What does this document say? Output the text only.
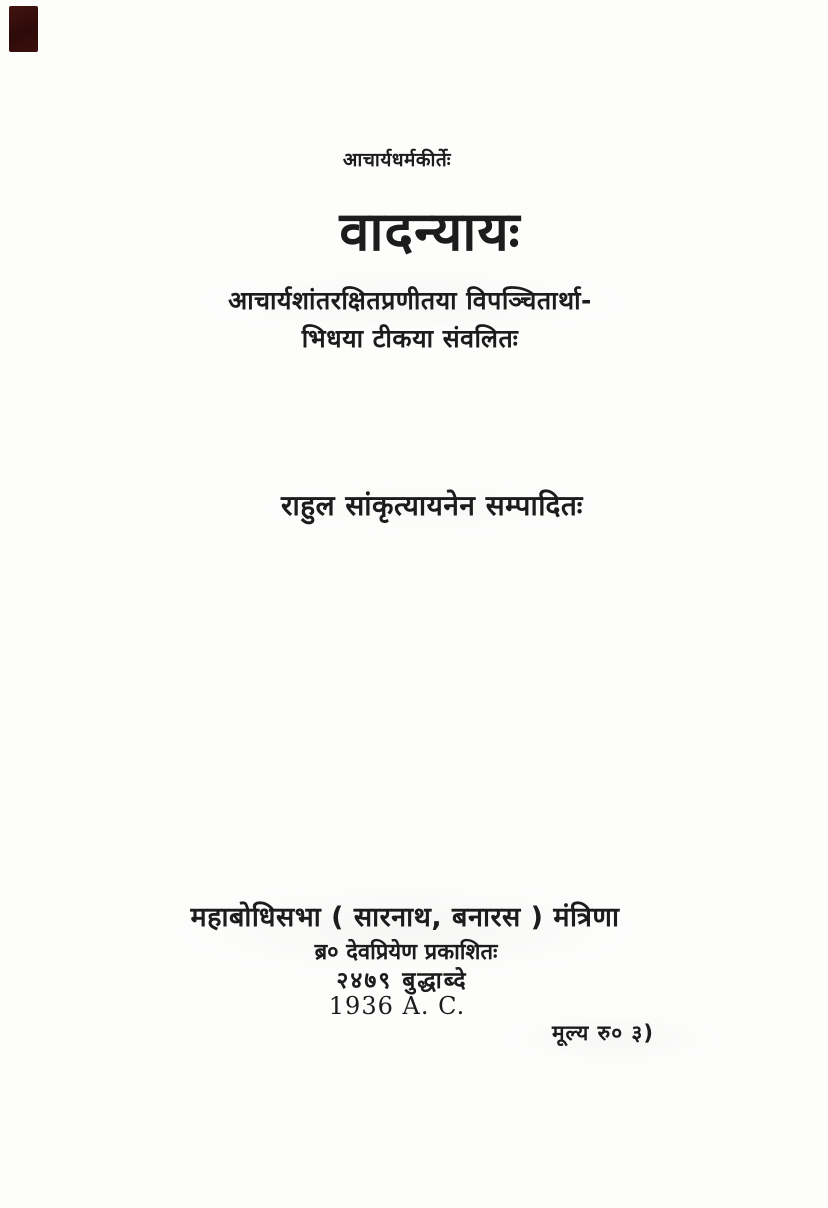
आचार्यधर्मकीर्तेः
वादन्यायः
आचार्यशांतरक्षितप्रणीतया विपञ्चितार्था-
भिधया टीकया संवलितः
राहुल सांकृत्यायनेन सम्पादितः
महाबोधिसभा ( सारनाथ, बनारस ) मंत्रिणा
ब्र० देवप्रियेण प्रकाशितः
२४७९ बुद्धाब्दे
1936 A. C.
मूल्य रु० ३)
